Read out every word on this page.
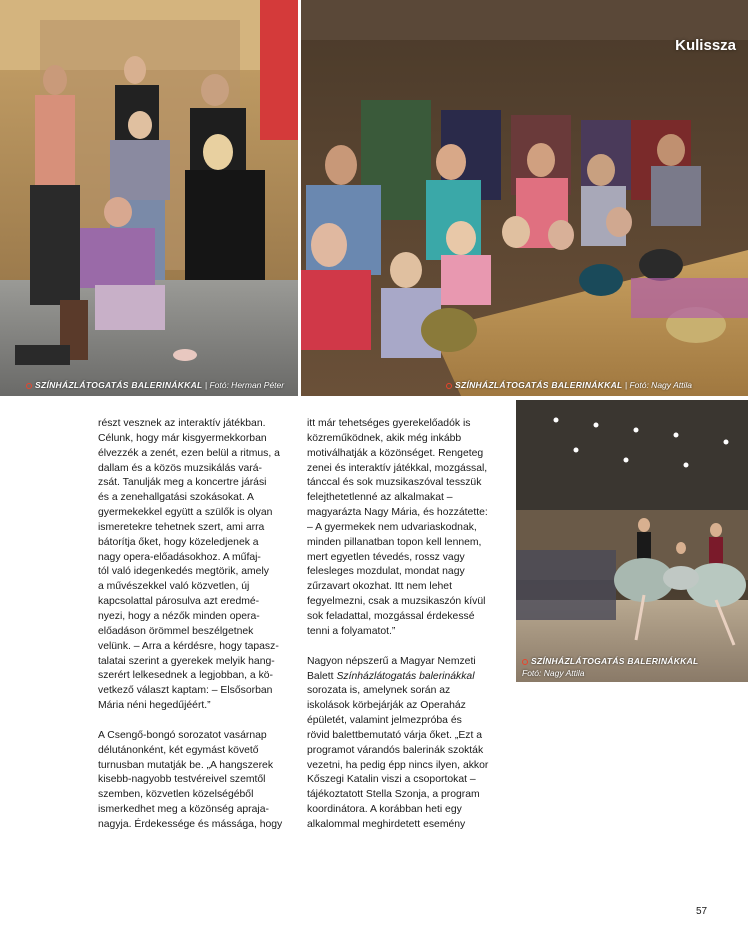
SZÍNHÁZLÁTOGATÁS BALERINÁKKAL | Fotó: Herman Péter
Kulissza
SZÍNHÁZLÁTOGATÁS BALERINÁKKAL | Fotó: Nagy Attila
SZÍNHÁZLÁTOGATÁS BALERINÁKKAL
Fotó: Nagy Attila

részt vesznek az interaktív játékban.
Célunk, hogy már kisgyermekkorban
élvezzék a zenét, ezen belül a ritmus, a
dallam és a közös muzsikálás vará-
zsát. Tanulják meg a koncertre járási
és a zenehallgatási szokásokat. A
gyermekekkel együtt a szülők is olyan
ismeretekre tehetnek szert, ami arra
bátorítja őket, hogy közeledjenek a
nagy opera-előadásokhoz. A műfaj-
tól való idegenkedés megtörik, amely
a művészekkel való közvetlen, új
kapcsolattal párosulva azt eredmé-
nyezi, hogy a nézők minden opera-
előadáson örömmel beszélgetnek
velünk. – Arra a kérdésre, hogy tapasz-
talatai szerint a gyerekek melyik hang-
szerért lelkesednek a legjobban, a kö-
vetkező választ kaptam: – Elsősorban
Mária néni hegedűjéért.”

A Csengő-bongó sorozatot vasárnap
délutánonként, két egymást követő
turnusban mutatják be. „A hangszerek
kisebb-nagyobb testvéreivel szemtől
szemben, közvetlen közelségéből
ismerkedhet meg a közönség apraja-
nagyja. Érdekessége és mássága, hogy

itt már tehetséges gyerekelőadók is
közreműködnek, akik még inkább
motiválhatják a közönséget. Rengeteg
zenei és interaktív játékkal, mozgással,
tánccal és sok muzsikaszóval tesszük
felejthetetlenné az alkalmakat –
magyarázta Nagy Mária, és hozzátette:
– A gyermekek nem udvariaskodnak,
minden pillanatban topon kell lennem,
mert egyetlen tévedés, rossz vagy
felesleges mozdulat, mondat nagy
zűrzavart okozhat. Itt nem lehet
fegyelmezni, csak a muzsikaszón kívül
sok feladattal, mozgással érdekessé
tenni a folyamatot.”

Nagyon népszerű a Magyar Nemzeti
Balett Színházlátogatás balerinákkal
sorozata is, amelynek során az
iskolások körbejárják az Operaház
épületét, valamint jelmezpróba és
rövid balettbemutató várja őket. „Ezt a
programot várandós balerinák szokták
vezetni, ha pedig épp nincs ilyen, akkor
Kőszegi Katalin viszi a csoportokat –
tájékoztatott Stella Szonja, a program
koordinátora. A korábban heti egy
alkalommal meghirdetett esemény

57
